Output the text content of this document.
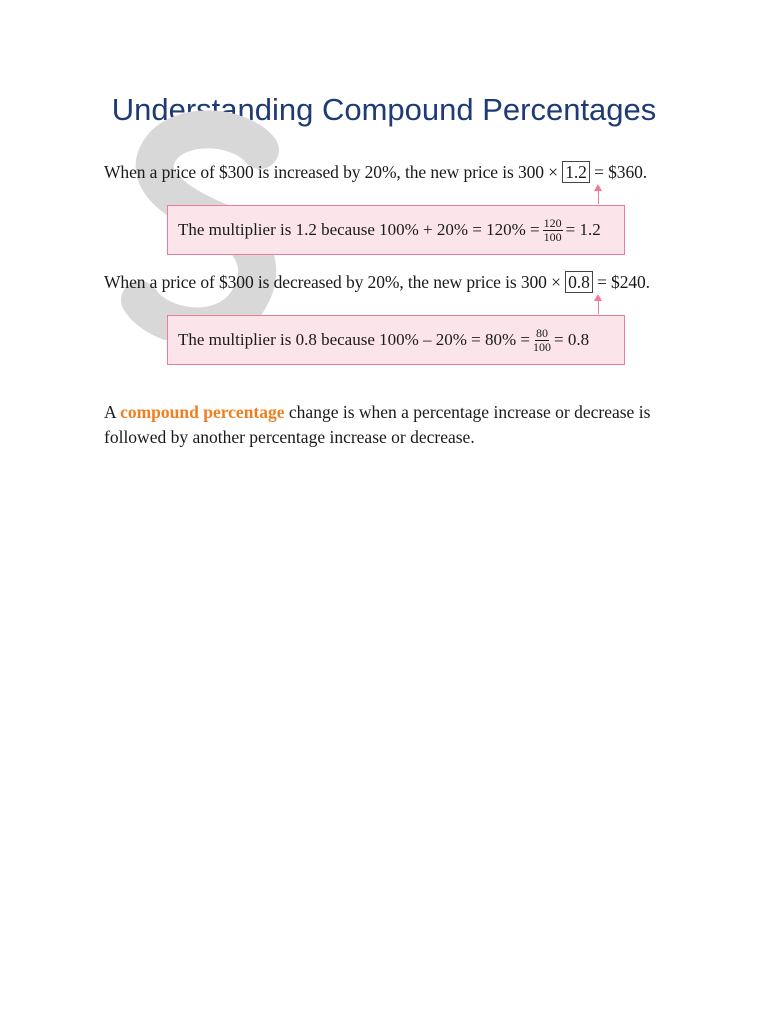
Understanding Compound Percentages
When a price of $300 is increased by 20%, the new price is 300 × 1.2 = $360.
The multiplier is 1.2 because $100\% + 20\% = 120\% = \frac{120}{100} = 1.2$
When a price of $300 is decreased by 20%, the new price is 300 × 0.8 = $240.
The multiplier is 0.8 because $100\% - 20\% = 80\% = \frac{80}{100} = 0.8$
A compound percentage change is when a percentage increase or decrease is followed by another percentage increase or decrease.
